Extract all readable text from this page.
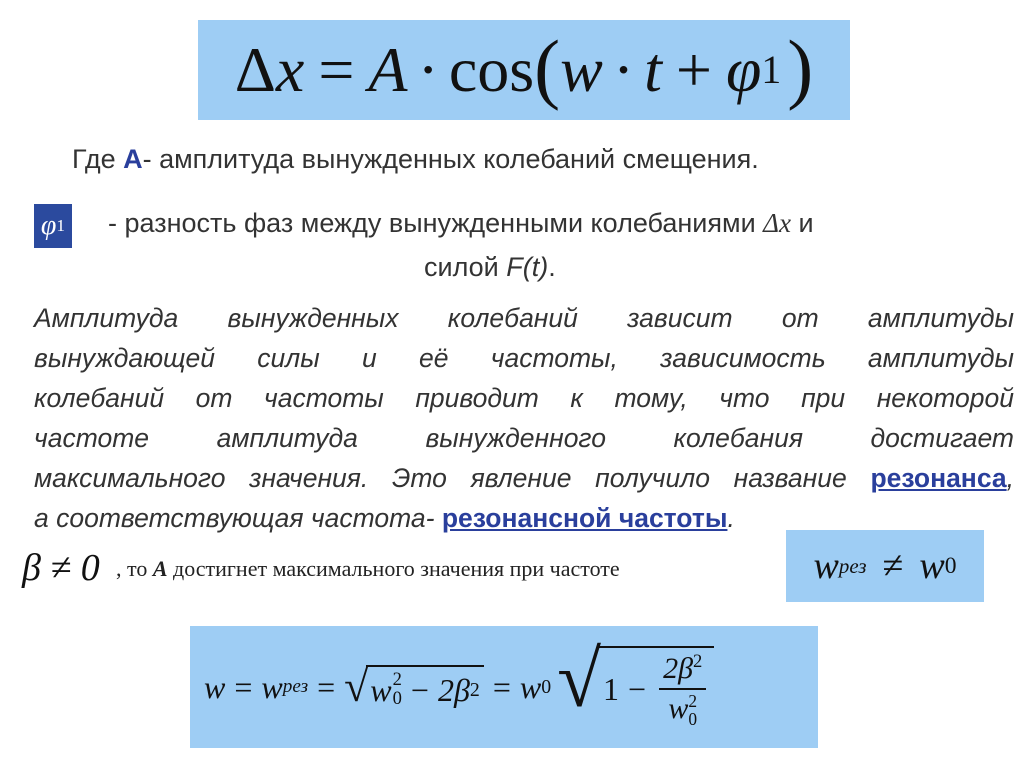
Δ x = A · cos ( w · t + φ 1 )
Где А- амплитуда вынужденных колебаний смещения.
φ 1 - разность фаз между вынужденными колебаниями Δx и
силой F(t).
Амплитуда вынужденных колебаний зависит от амплитуды
вынуждающей силы и её частоты, зависимость амплитуды
колебаний от частоты приводит к тому, что при некоторой
частоте амплитуда вынужденного колебания достигает
максимального значения. Это явление получило название резонанса,
а соответствующая частота- резонансной частоты.
β ≠ 0 , то А достигнет максимального значения при частоте	w рез ≠ w 0
w = w рез = √ w 2
0 − 2β 2 = w 0 √ $1 - 2\beta^2$
w 2
0
